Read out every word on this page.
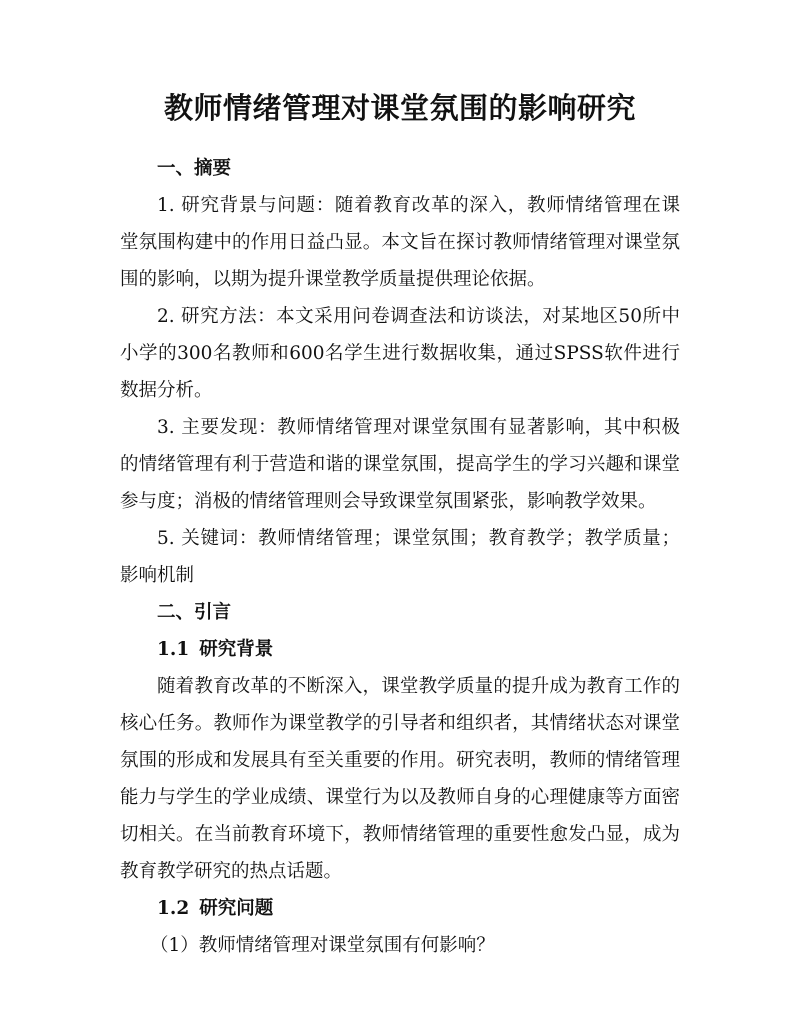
教师情绪管理对课堂氛围的影响研究
一、摘要

1. 研究背景与问题：随着教育改革的深入，教师情绪管理在课堂氛围构建中的作用日益凸显。本文旨在探讨教师情绪管理对课堂氛围的影响，以期为提升课堂教学质量提供理论依据。

2. 研究方法：本文采用问卷调查法和访谈法，对某地区50所中小学的300名教师和600名学生进行数据收集，通过SPSS软件进行数据分析。

3. 主要发现：教师情绪管理对课堂氛围有显著影响，其中积极的情绪管理有利于营造和谐的课堂氛围，提高学生的学习兴趣和课堂参与度；消极的情绪管理则会导致课堂氛围紧张，影响教学效果。

5. 关键词：教师情绪管理；课堂氛围；教育教学；教学质量；影响机制

二、引言
1.1 研究背景

随着教育改革的不断深入，课堂教学质量的提升成为教育工作的核心任务。教师作为课堂教学的引导者和组织者，其情绪状态对课堂氛围的形成和发展具有至关重要的作用。研究表明，教师的情绪管理能力与学生的学业成绩、课堂行为以及教师自身的心理健康等方面密切相关。在当前教育环境下，教师情绪管理的重要性愈发凸显，成为教育教学研究的热点话题。

1.2 研究问题

（1）教师情绪管理对课堂氛围有何影响？
